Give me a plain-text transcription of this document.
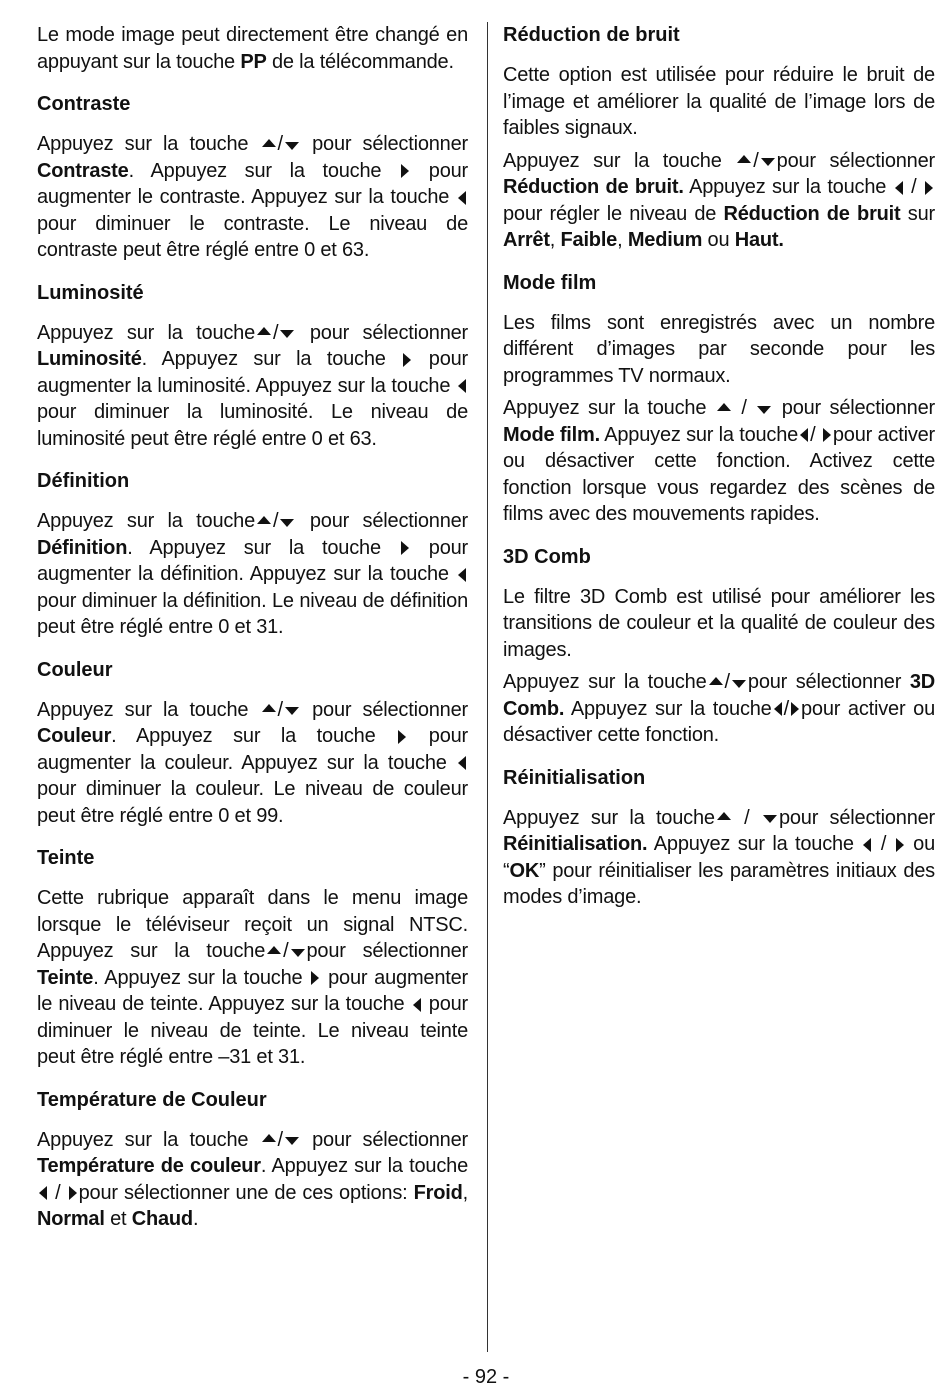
Le mode image peut directement être changé en appuyant sur la touche PP de la télécommande.

Contraste

Appuyez sur la touche / pour sélectionner Contraste. Appuyez sur la touche  pour augmenter le contraste. Appuyez sur la touche  pour diminuer le contraste. Le niveau de contraste peut être réglé entre 0 et 63.

Luminosité

Appuyez sur la touche / pour sélectionner Luminosité. Appuyez sur la touche  pour augmenter la luminosité. Appuyez sur la touche  pour diminuer la luminosité. Le niveau de luminosité peut être réglé entre 0 et 63.

Définition

Appuyez sur la touche / pour sélectionner Définition. Appuyez sur la touche  pour augmenter la définition. Appuyez sur la touche  pour diminuer la définition. Le niveau de définition peut être réglé entre 0 et 31.

Couleur

Appuyez sur la touche / pour sélectionner Couleur. Appuyez sur la touche  pour augmenter la couleur. Appuyez sur la touche  pour diminuer la couleur. Le niveau de couleur peut être réglé entre 0 et 99.

Teinte

Cette rubrique apparaît dans le menu image lorsque le téléviseur reçoit un signal NTSC. Appuyez sur la touche / pour sélectionner Teinte. Appuyez sur la touche  pour augmenter le niveau de teinte. Appuyez sur la touche  pour diminuer le niveau de teinte. Le niveau teinte peut être réglé entre –31 et 31.

Température de Couleur

Appuyez sur la touche / pour sélectionner Température de couleur. Appuyez sur la touche  / pour sélectionner une de ces options: Froid, Normal et Chaud.

Réduction de bruit

Cette option est utilisée pour réduire le bruit de l’image et améliorer la qualité de l’image lors de faibles signaux.

Appuyez sur la touche / pour sélectionner Réduction de bruit. Appuyez sur la touche  / pour régler le niveau de Réduction de bruit sur Arrêt, Faible, Medium ou Haut.

Mode film

Les films sont enregistrés avec un nombre différent d’images par seconde pour les programmes TV normaux.

Appuyez sur la touche  /  pour sélectionner Mode film. Appuyez sur la touche / pour activer ou désactiver cette fonction. Activez cette fonction lorsque vous regardez des scènes de films avec des mouvements rapides.

3D Comb

Le filtre 3D Comb est utilisé pour améliorer les transitions de couleur et la qualité de couleur des images.

Appuyez sur la touche / pour sélectionner 3D Comb. Appuyez sur la touche / pour activer ou désactiver cette fonction.

Réinitialisation

Appuyez sur la touche / pour sélectionner Réinitialisation. Appuyez sur la touche  /  ou “OK” pour réinitialiser les paramètres initiaux des modes d’image.

- 92 -
